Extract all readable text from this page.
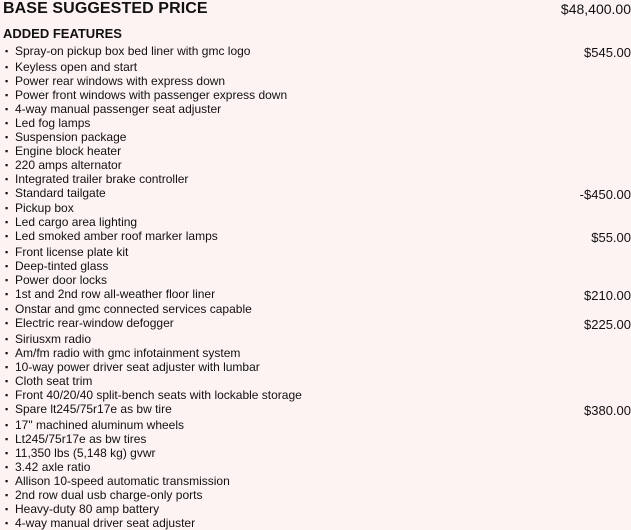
BASE SUGGESTED PRICE	$48,400.00
ADDED FEATURES
▪ Spray-on pickup box bed liner with gmc logo	$545.00
▪ Keyless open and start
▪ Power rear windows with express down
▪ Power front windows with passenger express down
▪ 4-way manual passenger seat adjuster
▪ Led fog lamps
▪ Suspension package
▪ Engine block heater
▪ 220 amps alternator
▪ Integrated trailer brake controller
▪ Standard tailgate	-$450.00
▪ Pickup box
▪ Led cargo area lighting
▪ Led smoked amber roof marker lamps	$55.00
▪ Front license plate kit
▪ Deep-tinted glass
▪ Power door locks
▪ 1st and 2nd row all-weather floor liner	$210.00
▪ Onstar and gmc connected services capable
▪ Electric rear-window defogger	$225.00
▪ Siriusxm radio
▪ Am/fm radio with gmc infotainment system
▪ 10-way power driver seat adjuster with lumbar
▪ Cloth seat trim
▪ Front 40/20/40 split-bench seats with lockable storage
▪ Spare lt245/75r17e as bw tire	$380.00
▪ 17" machined aluminum wheels
▪ Lt245/75r17e as bw tires
▪ 11,350 lbs (5,148 kg) gvwr
▪ 3.42 axle ratio
▪ Allison 10-speed automatic transmission
▪ 2nd row dual usb charge-only ports
▪ Heavy-duty 80 amp battery
▪ 4-way manual driver seat adjuster
